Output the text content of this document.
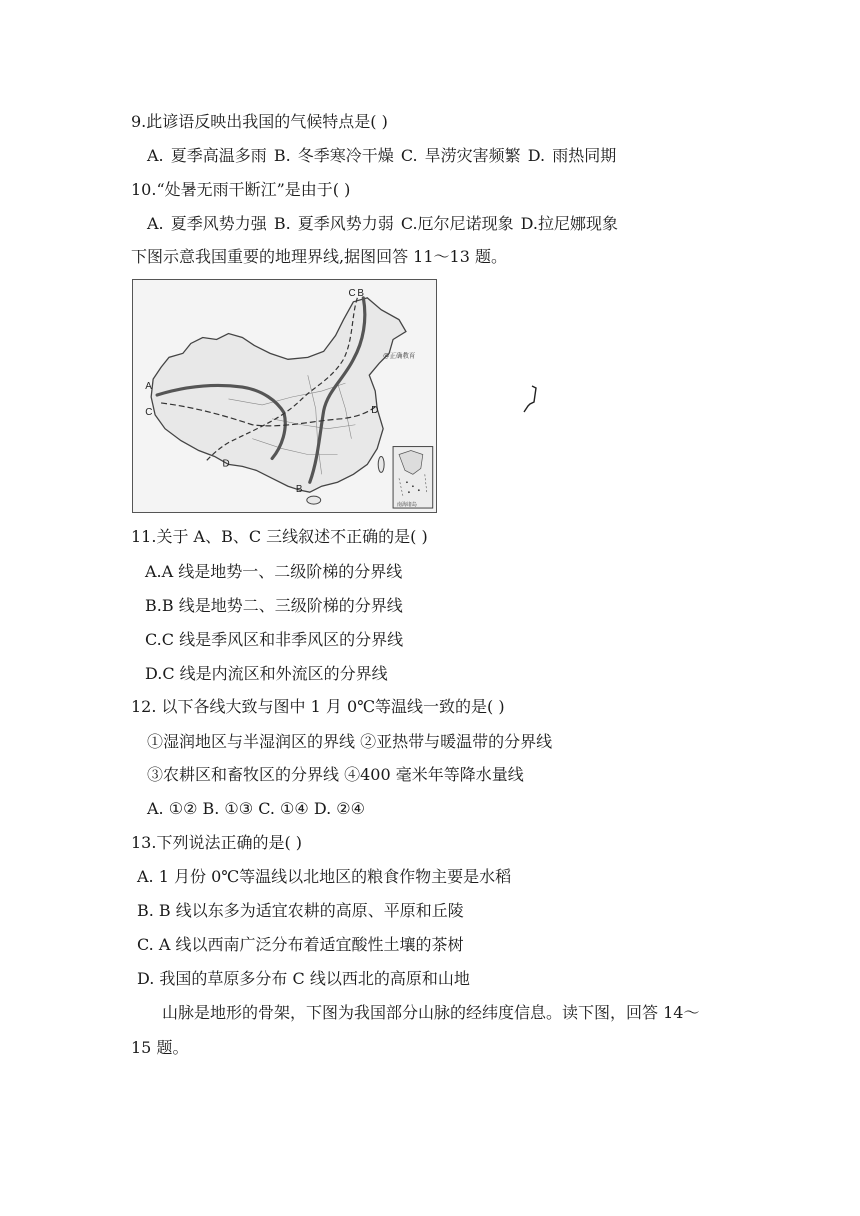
9.此谚语反映出我国的气候特点是( )
A. 夏季高温多雨 B. 冬季寒冷干燥 C. 旱涝灾害频繁 D. 雨热同期
10.“处暑无雨干断江”是由于( )
A. 夏季风势力强 B. 夏季风势力弱 C.厄尔尼诺现象 D.拉尼娜现象
下图示意我国重要的地理界线,据图回答 11～13 题。
C B
A
C	D
D
B
@正确教育
南海诸岛
11.关于 A、B、C 三线叙述不正确的是( )
A.A 线是地势一、二级阶梯的分界线
B.B 线是地势二、三级阶梯的分界线
C.C 线是季风区和非季风区的分界线
D.C 线是内流区和外流区的分界线
12. 以下各线大致与图中 1 月 0℃等温线一致的是( )
①湿润地区与半湿润区的界线 ②亚热带与暖温带的分界线
③农耕区和畜牧区的分界线 ④400 毫米年等降水量线
A. ①② B. ①③ C. ①④ D. ②④
13.下列说法正确的是( )
A. 1 月份 0℃等温线以北地区的粮食作物主要是水稻
B. B 线以东多为适宜农耕的高原、平原和丘陵
C. A 线以西南广泛分布着适宜酸性土壤的茶树
D. 我国的草原多分布 C 线以西北的高原和山地
山脉是地形的骨架，下图为我国部分山脉的经纬度信息。读下图，回答 14～
15 题。
